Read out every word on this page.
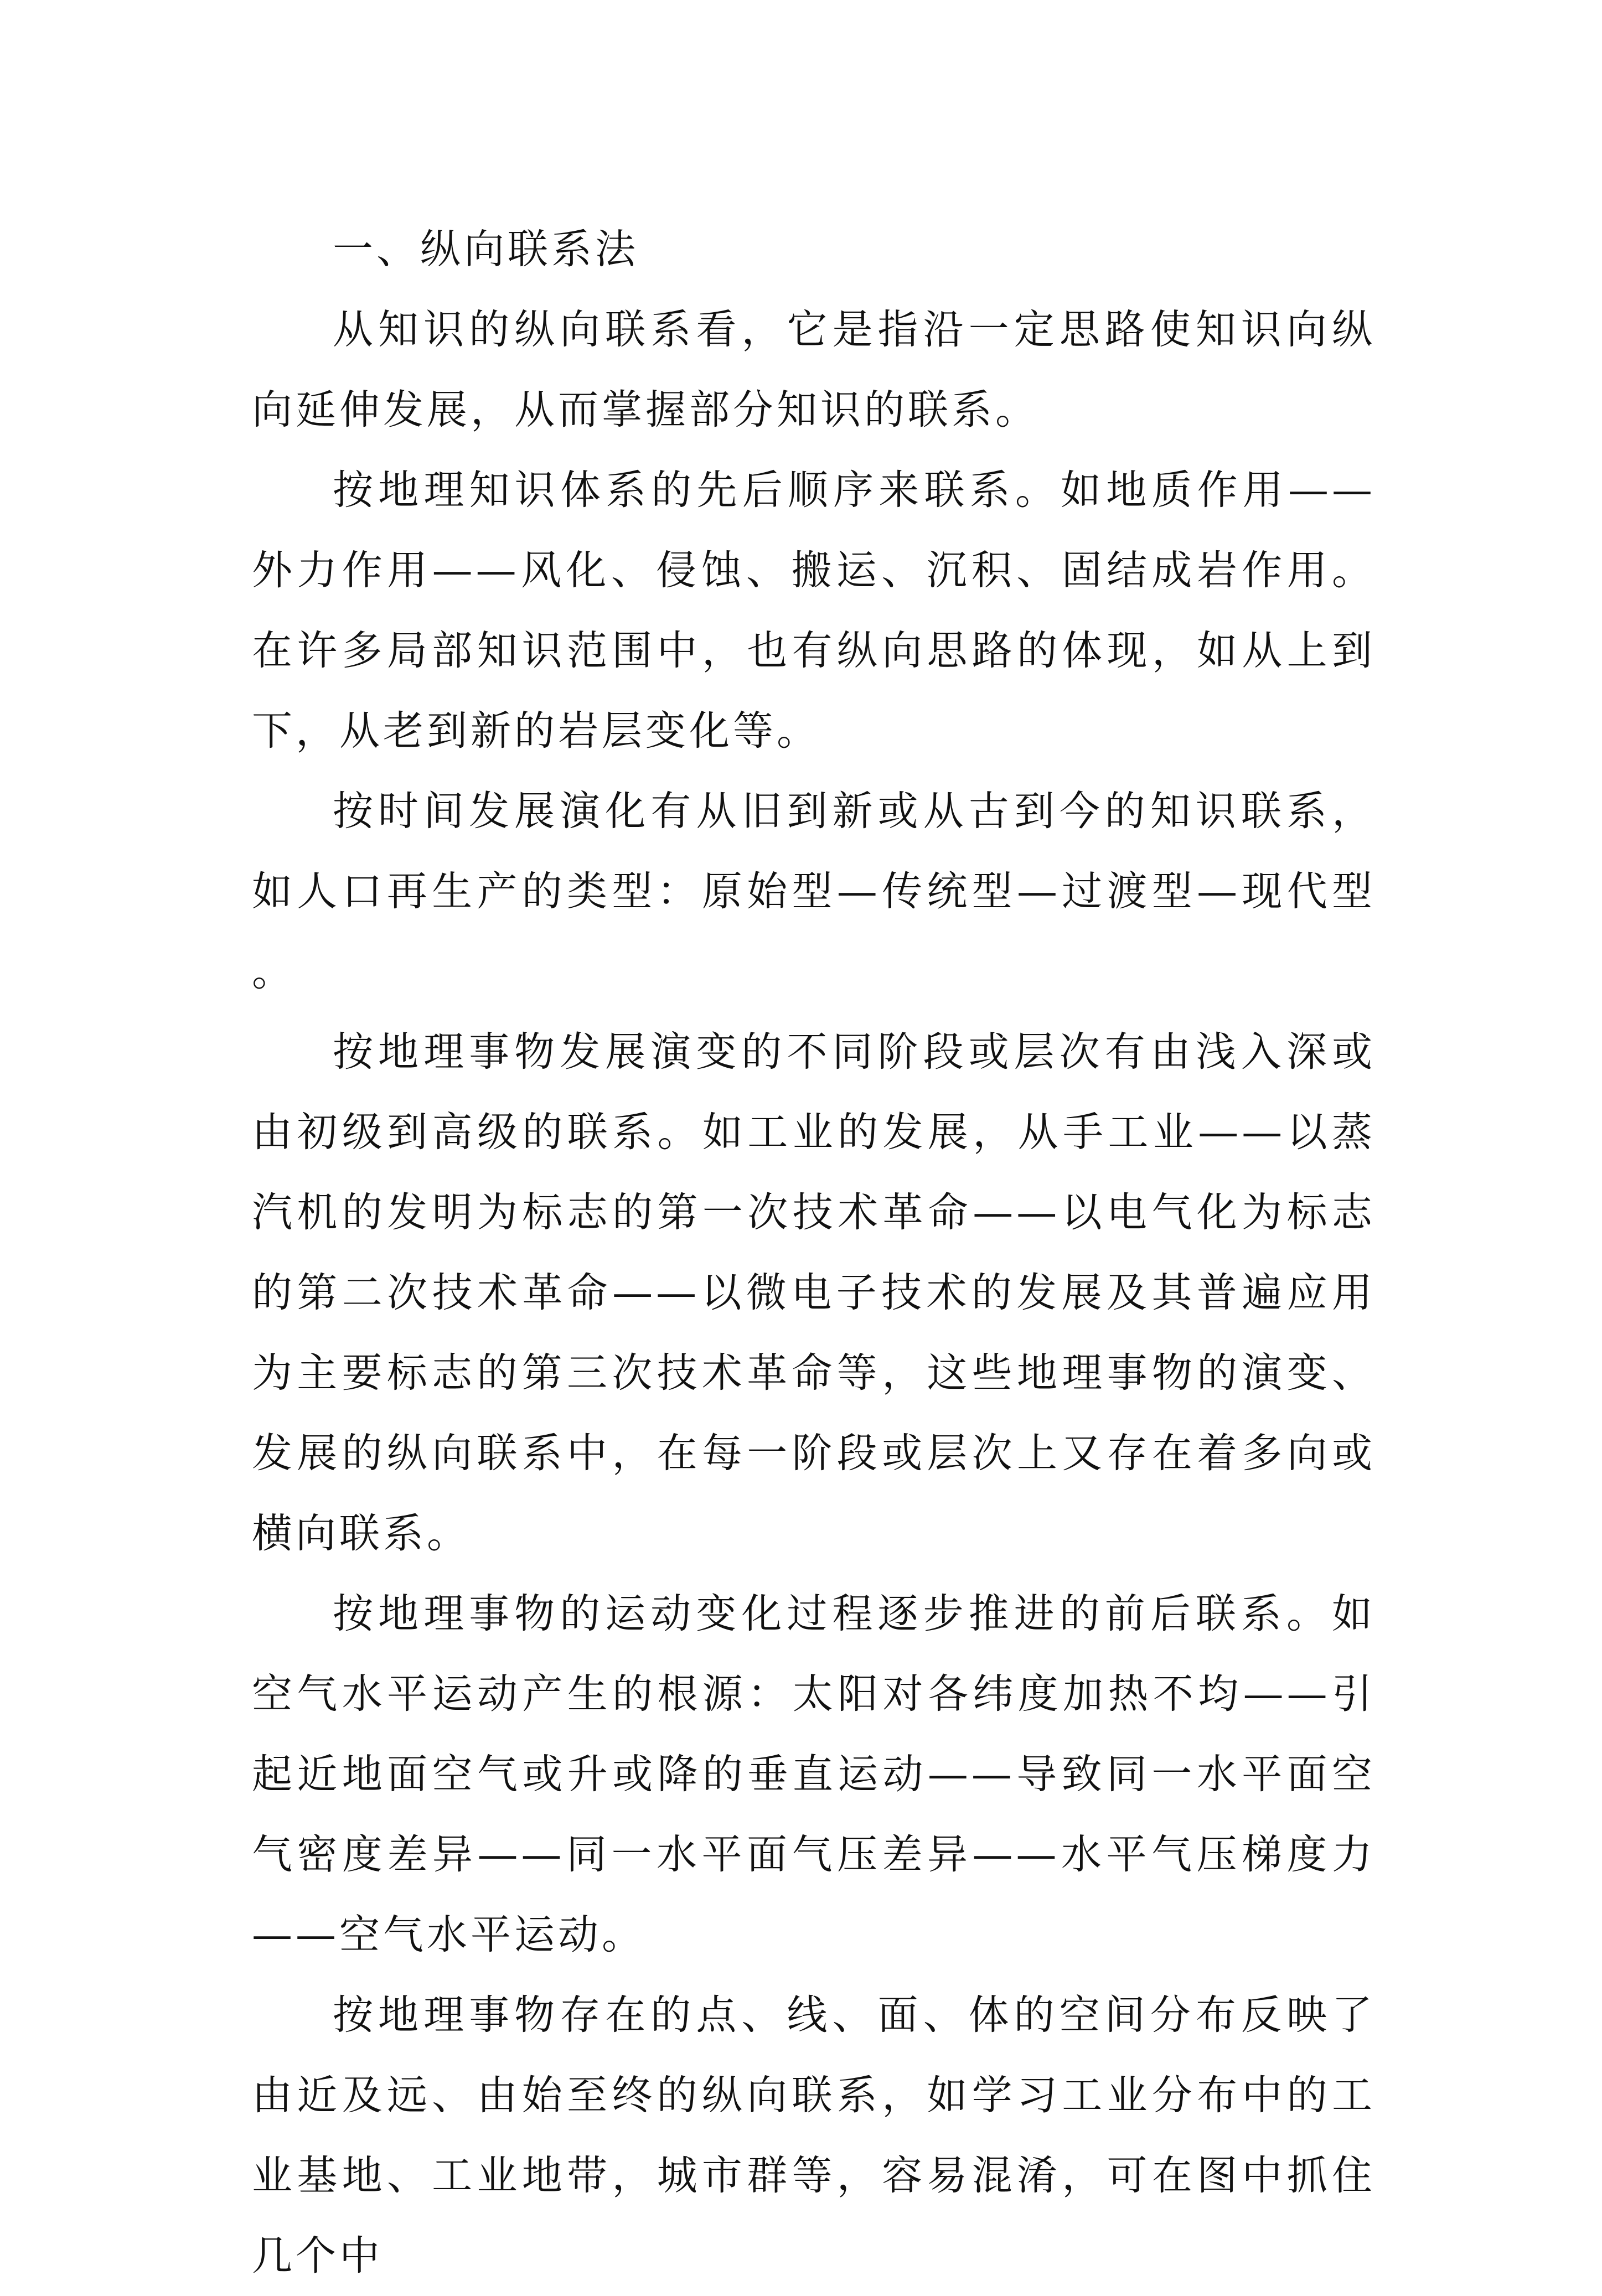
一、纵向联系法

从知识的纵向联系看，它是指沿一定思路使知识向纵向延伸发展，从而掌握部分知识的联系。

按地理知识体系的先后顺序来联系。如地质作用——外力作用——风化、侵蚀、搬运、沉积、固结成岩作用。在许多局部知识范围中，也有纵向思路的体现，如从上到下，从老到新的岩层变化等。

按时间发展演化有从旧到新或从古到今的知识联系，如人口再生产的类型：原始型—传统型—过渡型—现代型。

按地理事物发展演变的不同阶段或层次有由浅入深或由初级到高级的联系。如工业的发展，从手工业——以蒸汽机的发明为标志的第一次技术革命——以电气化为标志的第二次技术革命——以微电子技术的发展及其普遍应用为主要标志的第三次技术革命等，这些地理事物的演变、发展的纵向联系中，在每一阶段或层次上又存在着多向或横向联系。

按地理事物的运动变化过程逐步推进的前后联系。如空气水平运动产生的根源：太阳对各纬度加热不均——引起近地面空气或升或降的垂直运动——导致同一水平面空气密度差异——同一水平面气压差异——水平气压梯度力——空气水平运动。

按地理事物存在的点、线、面、体的空间分布反映了由近及远、由始至终的纵向联系，如学习工业分布中的工业基地、工业地带，城市群等，容易混淆，可在图中抓住几个中
